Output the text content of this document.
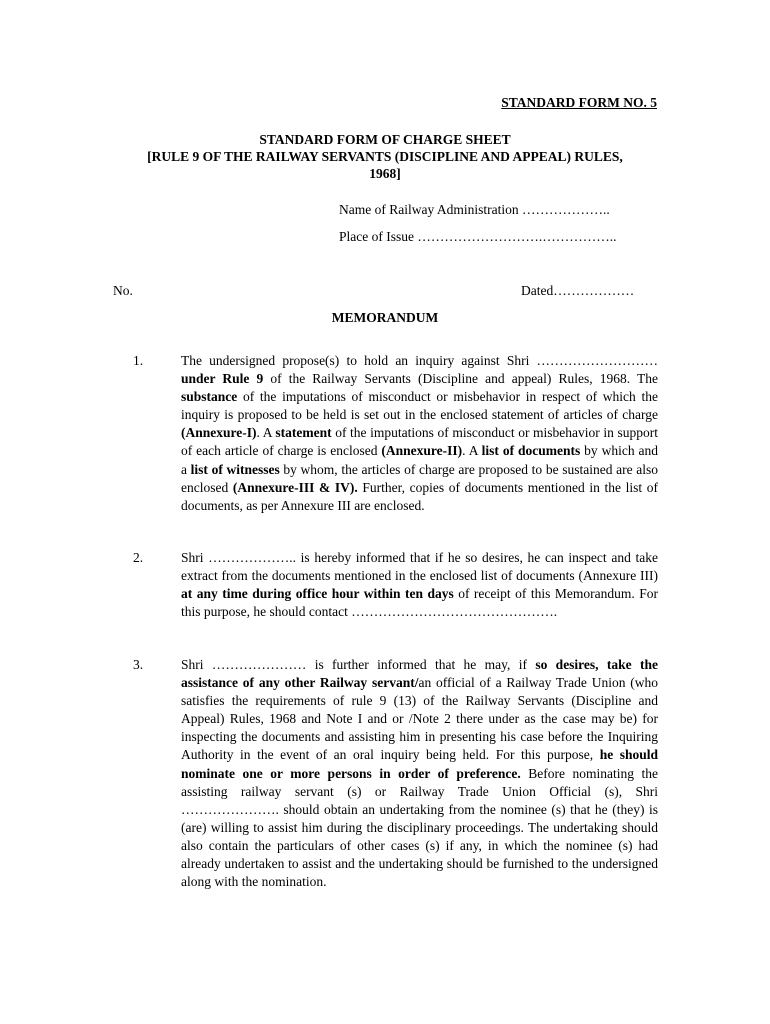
STANDARD FORM NO. 5
STANDARD FORM OF CHARGE SHEET
[RULE 9 OF THE RAILWAY SERVANTS (DISCIPLINE AND APPEAL) RULES,
1968]
Name of Railway Administration ………………..
Place of Issue ……………………….……………..
No.	Dated………………
MEMORANDUM
1.	The undersigned propose(s) to hold an inquiry against Shri ……………………… under Rule 9 of the Railway Servants (Discipline and appeal) Rules, 1968. The substance of the imputations of misconduct or misbehavior in respect of which the inquiry is proposed to be held is set out in the enclosed statement of articles of charge (Annexure-I). A statement of the imputations of misconduct or misbehavior in support of each article of charge is enclosed (Annexure-II). A list of documents by which and a list of witnesses by whom, the articles of charge are proposed to be sustained are also enclosed (Annexure-III & IV). Further, copies of documents mentioned in the list of documents, as per Annexure III are enclosed.
2.	Shri ……………….. is hereby informed that if he so desires, he can inspect and take extract from the documents mentioned in the enclosed list of documents (Annexure III) at any time during office hour within ten days of receipt of this Memorandum. For this purpose, he should contact ……………………………………….
3.	Shri ………………… is further informed that he may, if so desires, take the assistance of any other Railway servant/an official of a Railway Trade Union (who satisfies the requirements of rule 9 (13) of the Railway Servants (Discipline and Appeal) Rules, 1968 and Note I and or /Note 2 there under as the case may be) for inspecting the documents and assisting him in presenting his case before the Inquiring Authority in the event of an oral inquiry being held. For this purpose, he should nominate one or more persons in order of preference. Before nominating the assisting railway servant (s) or Railway Trade Union Official (s), Shri …………………. should obtain an undertaking from the nominee (s) that he (they) is (are) willing to assist him during the disciplinary proceedings. The undertaking should also contain the particulars of other cases (s) if any, in which the nominee (s) had already undertaken to assist and the undertaking should be furnished to the undersigned along with the nomination.
